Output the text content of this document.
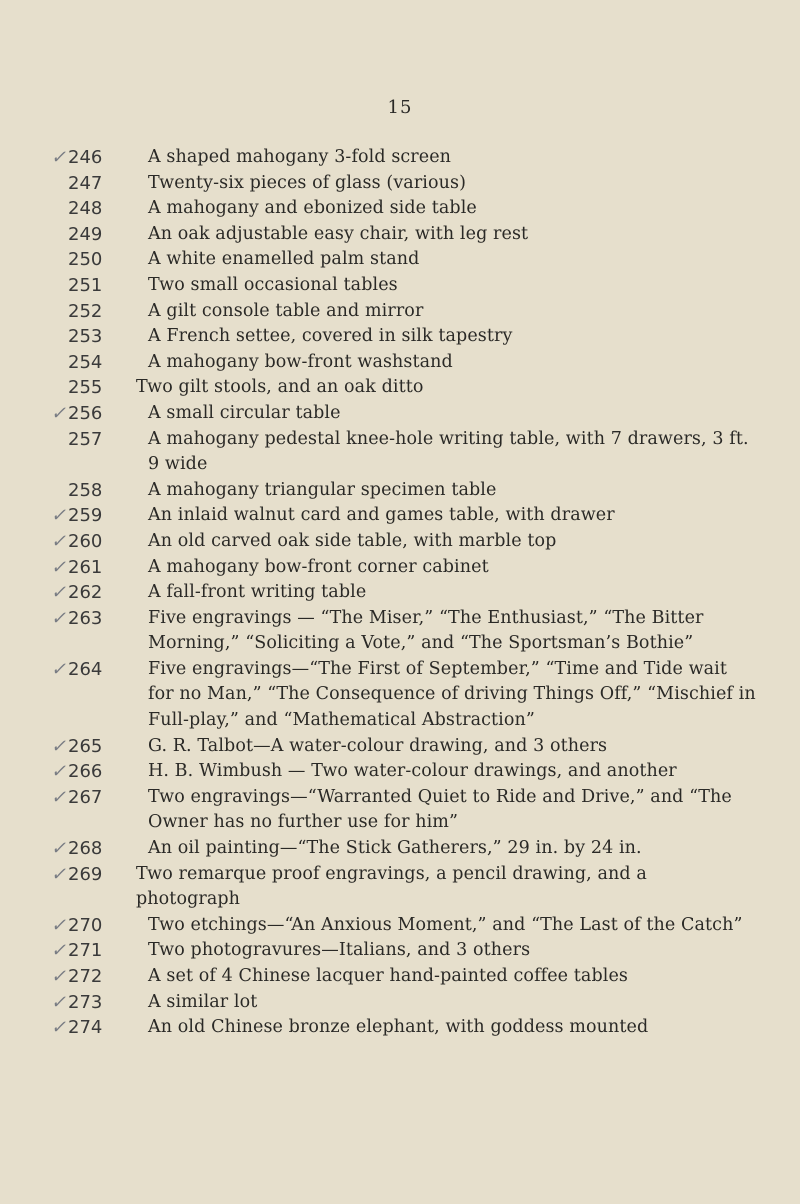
15
✓ 246	A shaped mahogany 3-fold screen
247	Twenty-six pieces of glass (various)
248	A mahogany and ebonized side table
249	An oak adjustable easy chair, with leg rest
250	A white enamelled palm stand
251	Two small occasional tables
252	A gilt console table and mirror
253	A French settee, covered in silk tapestry
254	A mahogany bow-front washstand
255	Two gilt stools, and an oak ditto
✓ 256	A small circular table
257	A mahogany pedestal knee-hole writing table, with 7 drawers, 3 ft. 9 wide
258	A mahogany triangular specimen table
✓ 259	An inlaid walnut card and games table, with drawer
✓ 260	An old carved oak side table, with marble top
✓ 261	A mahogany bow-front corner cabinet
✓ 262	A fall-front writing table
✓ 263	Five engravings — “The Miser,” “The Enthusiast,” “The Bitter Morning,” “Soliciting a Vote,” and “The Sportsman’s Bothie”
✓ 264	Five engravings—“The First of September,” “Time and Tide wait for no Man,” “The Consequence of driving Things Off,” “Mischief in Full-play,” and “Mathematical Abstraction”
✓ 265	G. R. Talbot—A water-colour drawing, and 3 others
✓ 266	H. B. Wimbush — Two water-colour drawings, and another
✓ 267	Two engravings—“Warranted Quiet to Ride and Drive,” and “The Owner has no further use for him”
✓ 268	An oil painting—“The Stick Gatherers,” 29 in. by 24 in.
✓ 269	Two remarque proof engravings, a pencil drawing, and a photograph
✓ 270	Two etchings—“An Anxious Moment,” and “The Last of the Catch”
✓ 271	Two photogravures—Italians, and 3 others
✓ 272	A set of 4 Chinese lacquer hand-painted coffee tables
✓ 273	A similar lot
✓ 274	An old Chinese bronze elephant, with goddess mounted
